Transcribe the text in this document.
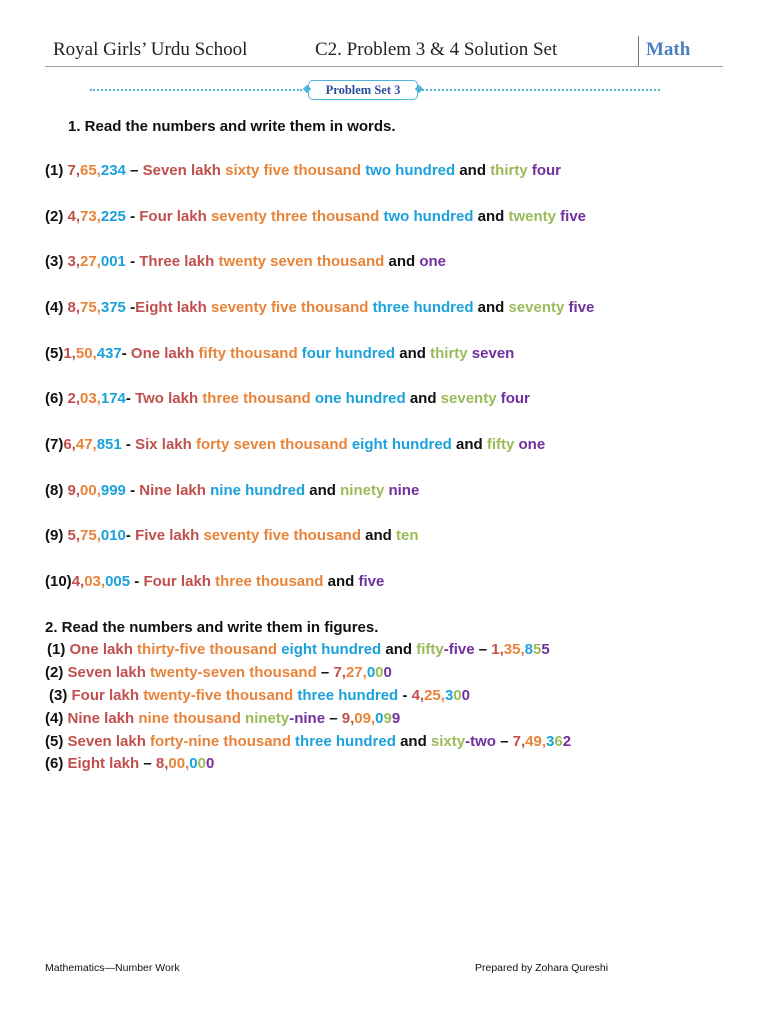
Royal Girls’ Urdu School	C2. Problem 3 & 4 Solution Set	Math
Problem Set 3
1. Read the numbers and write them in words.
(1) 7,65,234 – Seven lakh sixty five thousand two hundred and thirty four
(2) 4,73,225 - Four lakh seventy three thousand two hundred and twenty five
(3) 3,27,001 - Three lakh twenty seven thousand and one
(4) 8,75,375 -Eight lakh seventy five thousand three hundred and seventy five
(5)1,50,437- One lakh fifty thousand four hundred and thirty seven
(6) 2,03,174- Two lakh three thousand one hundred and seventy four
(7)6,47,851 - Six lakh forty seven thousand eight hundred and fifty one
(8) 9,00,999 - Nine lakh nine hundred and ninety nine
(9) 5,75,010- Five lakh seventy five thousand and ten
(10)4,03,005 - Four lakh three thousand and five
2. Read the numbers and write them in figures.
(1) One lakh thirty-five thousand eight hundred and fifty-five – 1,35,855
(2) Seven lakh twenty-seven thousand – 7,27,000
(3) Four lakh twenty-five thousand three hundred - 4,25,300
(4) Nine lakh nine thousand ninety-nine – 9,09,099
(5) Seven lakh forty-nine thousand three hundred and sixty-two – 7,49,362
(6) Eight lakh – 8,00,000
Mathematics—Number Work	Prepared by Zohara Qureshi
